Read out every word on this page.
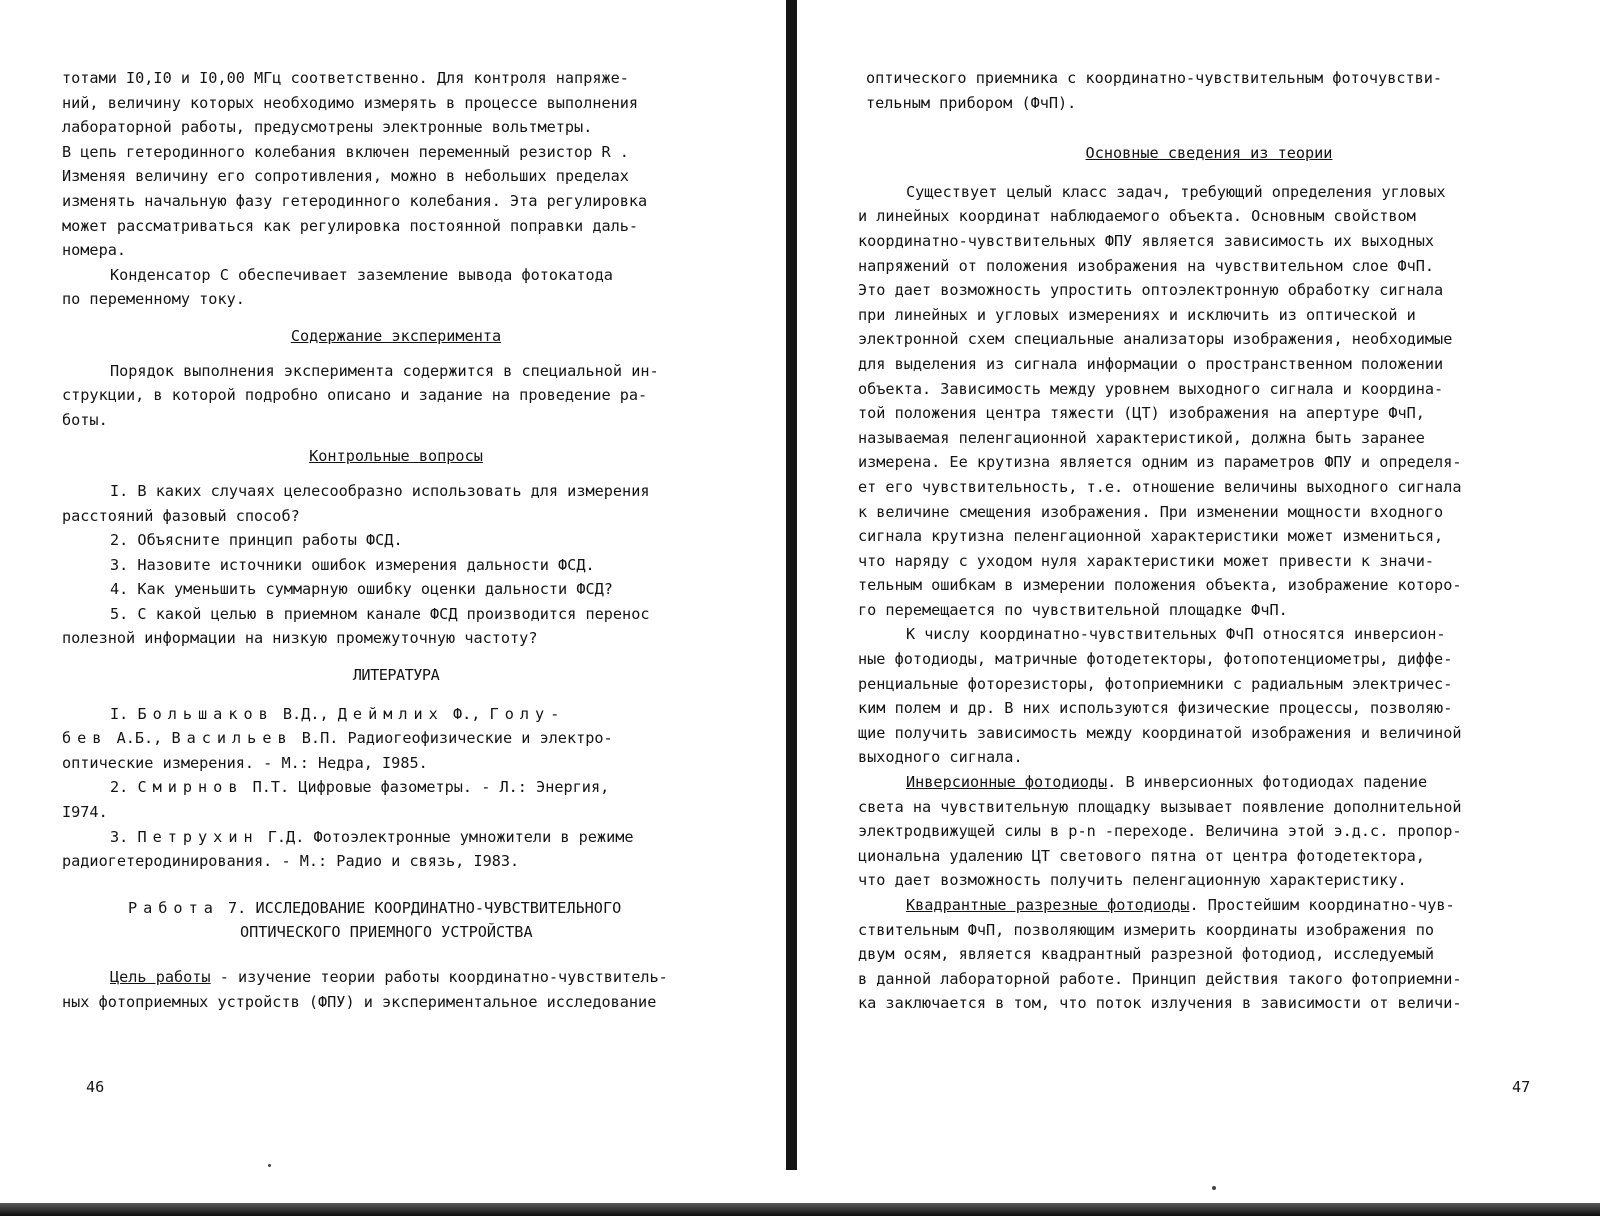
тотами I0,I0 и I0,00 МГц соответственно. Для контроля напряже-

ний, величину которых необходимо измерять в процессе выполнения

лабораторной работы, предусмотрены электронные вольтметры.

В цепь гетеродинного колебания включен переменный резистор R .

Изменяя величину его сопротивления, можно в небольших пределах

изменять начальную фазу гетеродинного колебания. Эта регулировка

может рассматриваться как регулировка постоянной поправки даль-

номера.

Конденсатор С обеспечивает заземление вывода фотокатода

по переменному току.

Содержание эксперимента

Порядок выполнения эксперимента содержится в специальной ин-

струкции, в которой подробно описано и задание на проведение ра-

боты.

Контрольные вопросы

I. В каких случаях целесообразно использовать для измерения

расстояний фазовый способ?

2. Объясните принцип работы ФСД.

3. Назовите источники ошибок измерения дальности ФСД.

4. Как уменьшить суммарную ошибку оценки дальности ФСД?

5. С какой целью в приемном канале ФСД производится перенос

полезной информации на низкую промежуточную частоту?

ЛИТЕРАТУРА

I. Большаков В.Д., Деймлих Ф., Голу-

бев А.Б., Васильев В.П. Радиогеофизические и электро-

оптические измерения. - М.: Недра, I985.

2. Смирнов П.Т. Цифровые фазометры. - Л.: Энергия,

I974.

3. Петрухин Г.Д. Фотоэлектронные умножители в режиме

радиогетеродинирования. - М.: Радио и связь, I983.

Работа 7. ИССЛЕДОВАНИЕ КООРДИНАТНО-ЧУВСТВИТЕЛЬНОГО

ОПТИЧЕСКОГО ПРИЕМНОГО УСТРОЙСТВА

Цель работы - изучение теории работы координатно-чувствитель-

ных фотоприемных устройств (ФПУ) и экспериментальное исследование

46

оптического приемника с координатно-чувствительным фоточувстви-

тельным прибором (ФчП).

Основные сведения из теории

Существует целый класс задач, требующий определения угловых

и линейных координат наблюдаемого объекта. Основным свойством

координатно-чувствительных ФПУ является зависимость их выходных

напряжений от положения изображения на чувствительном слое ФчП.

Это дает возможность упростить оптоэлектронную обработку сигнала

при линейных и угловых измерениях и исключить из оптической и

электронной схем специальные анализаторы изображения, необходимые

для выделения из сигнала информации о пространственном положении

объекта. Зависимость между уровнем выходного сигнала и координа-

той положения центра тяжести (ЦТ) изображения на апертуре ФчП,

называемая пеленгационной характеристикой, должна быть заранее

измерена. Ее крутизна является одним из параметров ФПУ и определя-

ет его чувствительность, т.е. отношение величины выходного сигнала

к величине смещения изображения. При изменении мощности входного

сигнала крутизна пеленгационной характеристики может измениться,

что наряду с уходом нуля характеристики может привести к значи-

тельным ошибкам в измерении положения объекта, изображение которо-

го перемещается по чувствительной площадке ФчП.

К числу координатно-чувствительных ФчП относятся инверсион-

ные фотодиоды, матричные фотодетекторы, фотопотенциометры, диффе-

ренциальные фоторезисторы, фотоприемники с радиальным электричес-

ким полем и др. В них используются физические процессы, позволяю-

щие получить зависимость между координатой изображения и величиной

выходного сигнала.

Инверсионные фотодиоды. В инверсионных фотодиодах падение

света на чувствительную площадку вызывает появление дополнительной

электродвижущей силы в p-n -переходе. Величина этой э.д.с. пропор-

циональна удалению ЦТ светового пятна от центра фотодетектора,

что дает возможность получить пеленгационную характеристику.

Квадрантные разрезные фотодиоды. Простейшим координатно-чув-

ствительным ФчП, позволяющим измерить координаты изображения по

двум осям, является квадрантный разрезной фотодиод, исследуемый

в данной лабораторной работе. Принцип действия такого фотоприемни-

ка заключается в том, что поток излучения в зависимости от величи-

47
